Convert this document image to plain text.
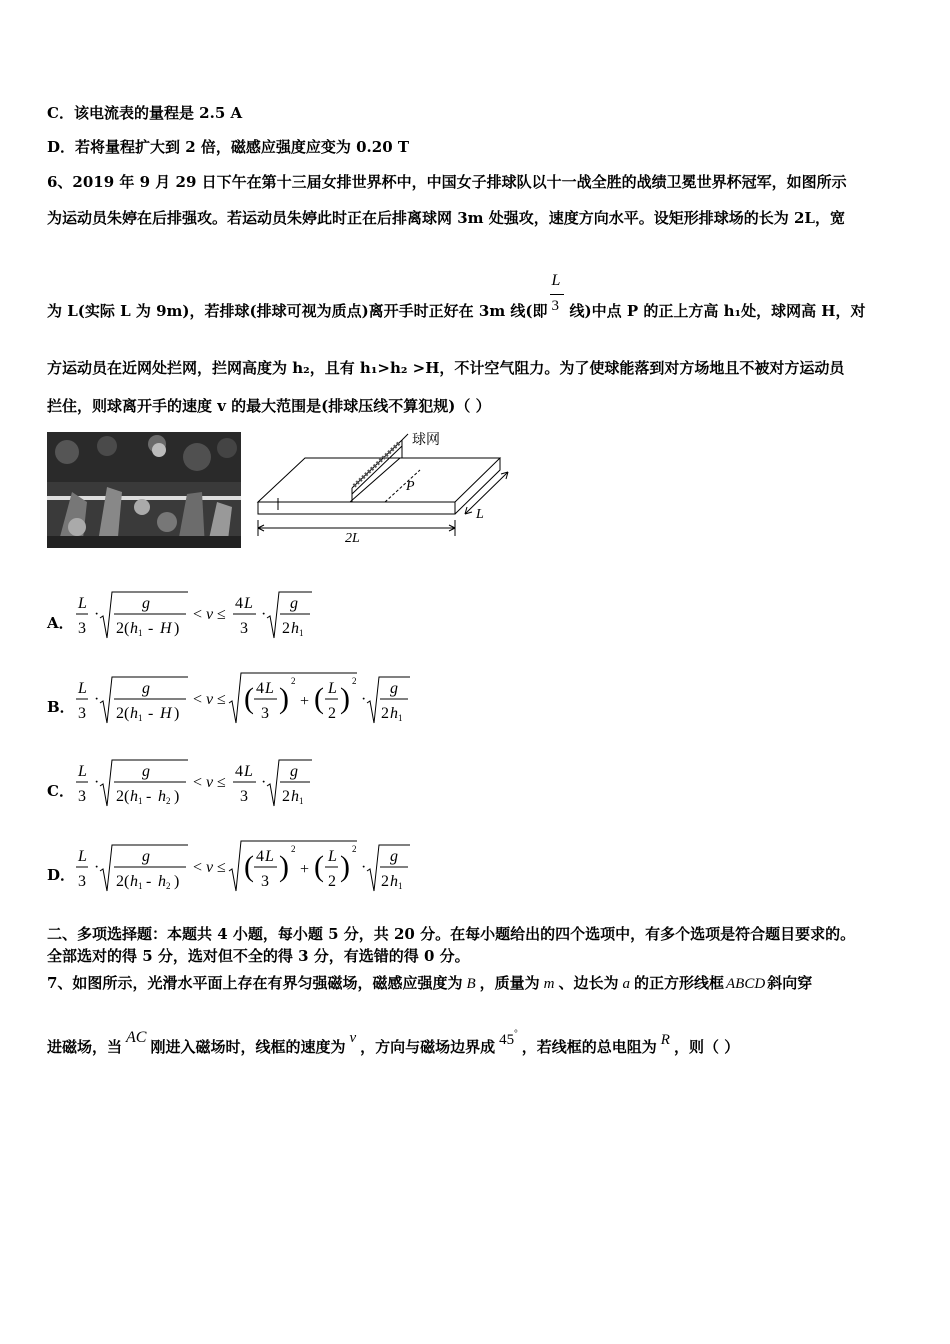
C．该电流表的量程是 2.5 A
D．若将量程扩大到 2 倍，磁感应强度应变为 0.20 T
6、2019 年 9 月 29 日下午在第十三届女排世界杯中，中国女子排球队以十一战全胜的战绩卫冕世界杯冠军，如图所示
为运动员朱婷在后排强攻。若运动员朱婷此时正在后排离球网 3m 处强攻，速度方向水平。设矩形排球场的长为 2L，宽
为 L(实际 L 为 9m)，若排球(排球可视为质点)离开手时正好在 3m 线(即 $\frac{L}{3}$ 线)中点 P 的正上方高 h₁处，球网高 H，对
方运动员在近网处拦网，拦网高度为 h₂，且有 h₁>h₂ >H，不计空气阻力。为了使球能落到对方场地且不被对方运动员
拦住，则球离开手的速度 v 的最大范围是(排球压线不算犯规)（ ）
球网
P
2L
L
A．
L
3
·
g
2( h 1 - H )
< v ≤
4 L
3
·
g
2 h 1
B．
L
3
·
g
2( h 1 - H )
< v ≤ ( 4 L
3 )
2
+ ( L
2 )
2
·
g
2 h 1
C．
L
3
·
g
2( h 1 - h 2 )
< v ≤
4 L
3
·
g
2 h 1
D．
L
3
·
g
2( h 1 - h 2 )
< v ≤ ( 4 L
3 )
2
+ ( L
2 )
2
·
g
2 h 1
二、多项选择题：本题共 4 小题，每小题 5 分，共 20 分。在每小题给出的四个选项中，有多个选项是符合题目要求的。
全部选对的得 5 分，选对但不全的得 3 分，有选错的得 0 分。
7、如图所示，光滑水平面上存在有界匀强磁场，磁感应强度为 B ，质量为 m 、边长为 a 的正方形线框 ABCD 斜向穿
进磁场，当AC刚进入磁场时，线框的速度为 v ，方向与磁场边界成 45°，若线框的总电阻为 R ，则（ ）
